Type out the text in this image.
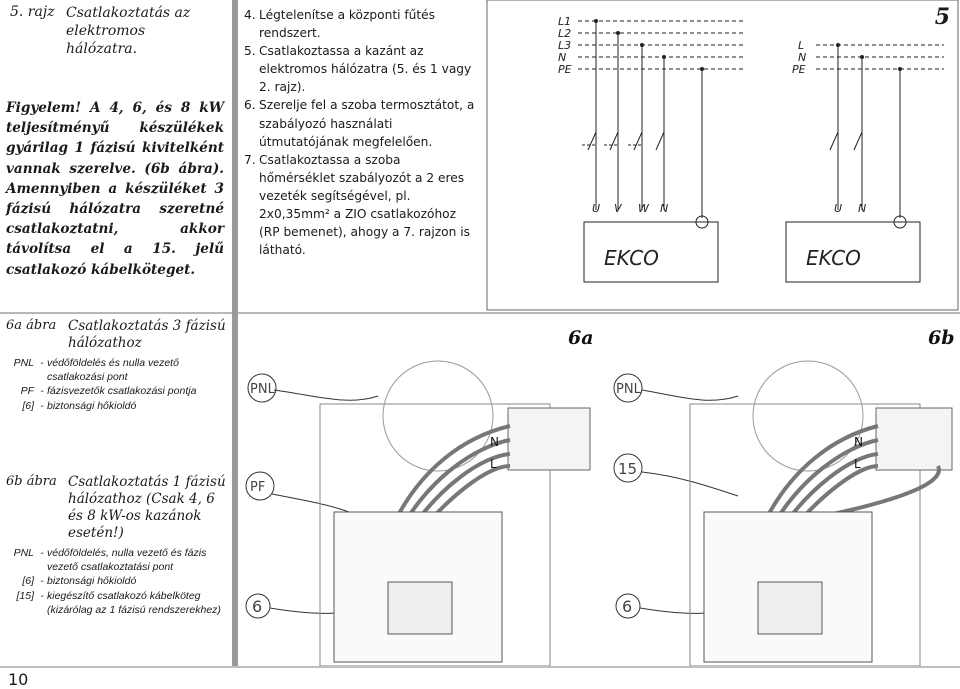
5. rajz Csatlakoztatás az elektromos hálózatra.
Figyelem! A 4, 6, és 8 kW teljesítményű készülékek gyárilag 1 fázisú kivitelként vannak szerelve. (6b ábra). Amennyiben a készüléket 3 fázisú hálózatra szeretné csatlakoztatni, akkor távolítsa el a 15. jelű csatlakozó kábelköteget.
4. Légtelenítse a központi fűtés rendszert.
5. Csatlakoztassa a kazánt az elektromos hálózatra (5. és 1 vagy 2. rajz).
6. Szerelje fel a szoba termosztátot, a szabályozó használati útmutatójának megfelelően.
7. Csatlakoztassa a szoba hőmérséklet szabályozót a 2 eres vezeték segítségével, pl. 2x0,35mm² a ZIO csatlakozóhoz (RP bemenet), ahogy a 7. rajzon is látható.
5
L1
L2
L3
N
PE
U V W N
EKCO
L
N
PE
U N
EKCO
6a ábra Csatlakoztatás 3 fázisú hálózathoz
PNL - védőföldelés és nulla vezető csatlakozási pont
PF - fázisvezetők csatlakozási pontja
[6] - biztonsági hőkioldó
6b ábra Csatlakoztatás 1 fázisú hálózathoz (Csak 4, 6 és 8 kW-os kazánok esetén!)
PNL - védőföldelés, nulla vezető és fázis vezető csatlakoztatási pont
[6] - biztonsági hőkioldó
[15] - kiegészítő csatlakozó kábelköteg (kizárólag az 1 fázisú rendszerekhez)
6a
PNL
PF
6
N
L
6b
PNL
15
6
N
L
10
